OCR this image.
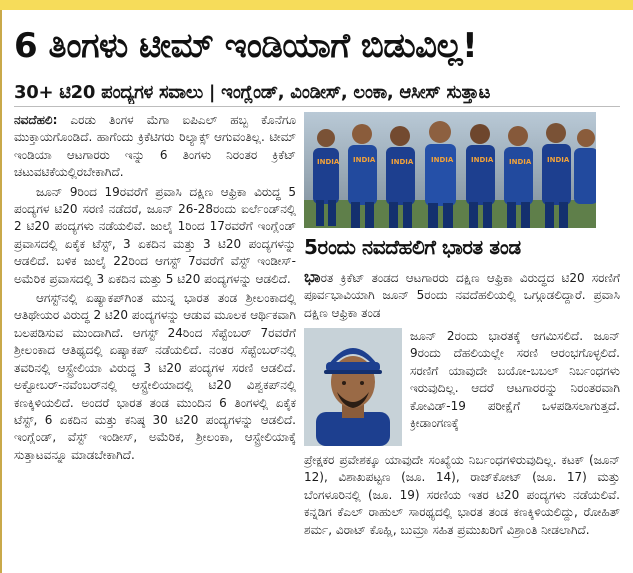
6 ತಿಂಗಳು ಟೀಮ್ ಇಂಡಿಯಾಗೆ ಬಿಡುವಿಲ್ಲ!
30+ ಟಿ20 ಪಂದ್ಯಗಳ ಸವಾಲು | ಇಂಗ್ಲೆಂಡ್, ವಿಂಡೀಸ್, ಲಂಕಾ, ಆಸೀಸ್ ಸುತ್ತಾಟ

ನವದೆಹಲಿ: ಎರಡು ತಿಂಗಳ ಮೆಗಾ ಐಪಿಎಲ್ ಹಬ್ಬ ಕೊನೆಗೂ ಮುಕ್ತಾಯಗೊಂಡಿದೆ. ಹಾಗೆಂದು ಕ್ರಿಕೆಟಿಗರು ರಿಲ್ಯಾಕ್ಸ್ ಆಗುವಂತಿಲ್ಲ. ಟೀಮ್ ಇಂಡಿಯಾ ಆಟಗಾರರು ಇನ್ನು 6 ತಿಂಗಳು ನಿರಂತರ ಕ್ರಿಕೆಟ್ ಚಟುವಟಿಕೆಯಲ್ಲಿರಬೇಕಾಗಿದೆ.

ಜೂನ್ 9ರಿಂದ 19ರವರೆಗೆ ಪ್ರವಾಸಿ ದಕ್ಷಿಣ ಆಫ್ರಿಕಾ ವಿರುದ್ಧ 5 ಪಂದ್ಯಗಳ ಟಿ20 ಸರಣಿ ನಡೆದರೆ, ಜೂನ್ 26-28ರಂದು ಐರ್ಲೆಂಡ್‌ನಲ್ಲಿ 2 ಟಿ20 ಪಂದ್ಯಗಳು ನಡೆಯಲಿವೆ. ಜುಲೈ 1ರಿಂದ 17ರವರೆಗೆ ಇಂಗ್ಲೆಂಡ್ ಪ್ರವಾಸದಲ್ಲಿ ಏಕೈಕ ಟೆಸ್ಟ್, 3 ಏಕದಿನ ಮತ್ತು 3 ಟಿ20 ಪಂದ್ಯಗಳನ್ನು ಆಡಲಿದೆ. ಬಳಿಕ ಜುಲೈ 22ರಿಂದ ಆಗಸ್ಟ್ 7ರವರೆಗೆ ವೆಸ್ಟ್ ಇಂಡೀಸ್-ಅಮೆರಿಕ ಪ್ರವಾಸದಲ್ಲಿ 3 ಏಕದಿನ ಮತ್ತು 5 ಟಿ20 ಪಂದ್ಯಗಳನ್ನು ಆಡಲಿದೆ.

ಆಗಸ್ಟ್‌ನಲ್ಲಿ ಏಷ್ಯಾಕಪ್‌ಗಿಂತ ಮುನ್ನ ಭಾರತ ತಂಡ ಶ್ರೀಲಂಕಾದಲ್ಲಿ ಆತಿಥೇಯರ ವಿರುದ್ಧ 2 ಟಿ20 ಪಂದ್ಯಗಳನ್ನು ಆಡುವ ಮೂಲಕ ಆರ್ಥಿಕವಾಗಿ ಬಲಪಡಿಸುವ ಮುಂದಾಗಿದೆ. ಆಗಸ್ಟ್ 24ರಿಂದ ಸೆಪ್ಟೆಂಬರ್ 7ರವರೆಗೆ ಶ್ರೀಲಂಕಾದ ಆತಿಥ್ಯದಲ್ಲಿ ಏಷ್ಯಾಕಪ್ ನಡೆಯಲಿದೆ. ನಂತರ ಸೆಪ್ಟೆಂಬರ್‌ನಲ್ಲಿ ತವರಿನಲ್ಲಿ ಆಸ್ಟ್ರೇಲಿಯಾ ವಿರುದ್ಧ 3 ಟಿ20 ಪಂದ್ಯಗಳ ಸರಣಿ ಆಡಲಿದೆ. ಅಕ್ಟೋಬರ್-ನವೆಂಬರ್‌ನಲ್ಲಿ ಆಸ್ಟ್ರೇಲಿಯಾದಲ್ಲಿ ಟಿ20 ವಿಶ್ವಕಪ್‌ನಲ್ಲಿ ಕಣಕ್ಕಿಳಿಯಲಿದೆ. ಅಂದರೆ ಭಾರತ ತಂಡ ಮುಂದಿನ 6 ತಿಂಗಳಲ್ಲಿ ಏಕೈಕ ಟೆಸ್ಟ್, 6 ಏಕದಿನ ಮತ್ತು ಕನಿಷ್ಠ 30 ಟಿ20 ಪಂದ್ಯಗಳನ್ನು ಆಡಲಿದೆ. ಇಂಗ್ಲೆಂಡ್, ವೆಸ್ಟ್ ಇಂಡೀಸ್, ಅಮೆರಿಕ, ಶ್ರೀಲಂಕಾ, ಆಸ್ಟ್ರೇಲಿಯಾಕ್ಕೆ ಸುತ್ತಾಟವನ್ನೂ ಮಾಡಬೇಕಾಗಿದೆ.

INDIA INDIA INDIA	INDIA	INDIA INDIA INDIA
5ರಂದು ನವದೆಹಲಿಗೆ ಭಾರತ ತಂಡ

ಭಾರತ ಕ್ರಿಕೆಟ್ ತಂಡದ ಆಟಗಾರರು ದಕ್ಷಿಣ ಆಫ್ರಿಕಾ ವಿರುದ್ಧದ ಟಿ20 ಸರಣಿಗೆ ಪೂರ್ವಭಾವಿಯಾಗಿ ಜೂನ್ 5ರಂದು ನವದೆಹಲಿಯಲ್ಲಿ ಒಗ್ಗೂಡಲಿದ್ದಾರೆ. ಪ್ರವಾಸಿ ದಕ್ಷಿಣ ಆಫ್ರಿಕಾ ತಂಡ

ಜೂನ್ 2ರಂದು ಭಾರತಕ್ಕೆ ಆಗಮಿಸಲಿದೆ. ಜೂನ್ 9ರಂದು ದೆಹಲಿಯಲ್ಲೇ ಸರಣಿ ಆರಂಭಗೊಳ್ಳಲಿದೆ. ಸರಣಿಗೆ ಯಾವುದೇ ಬಯೋ-ಬಬಲ್ ನಿರ್ಬಂಧಗಳು ಇರುವುದಿಲ್ಲ. ಆದರೆ ಆಟಗಾರರನ್ನು ನಿರಂತರವಾಗಿ ಕೋವಿಡ್-19 ಪರೀಕ್ಷೆಗೆ ಒಳಪಡಿಸಲಾಗುತ್ತದೆ. ಕ್ರೀಡಾಂಗಣಕ್ಕೆ

ಪ್ರೇಕ್ಷಕರ ಪ್ರವೇಶಕ್ಕೂ ಯಾವುದೇ ಸಂಖ್ಯೆಯ ನಿರ್ಬಂಧಗಳಿರುವುದಿಲ್ಲ. ಕಟಕ್ (ಜೂನ್ 12), ವಿಶಾಖಪಟ್ಟಣ (ಜೂ. 14), ರಾಜ್‌ಕೋಟ್ (ಜೂ. 17) ಮತ್ತು ಬೆಂಗಳೂರಿನಲ್ಲಿ (ಜೂ. 19) ಸರಣಿಯ ಇತರ ಟಿ20 ಪಂದ್ಯಗಳು ನಡೆಯಲಿವೆ. ಕನ್ನಡಿಗ ಕೆಎಲ್ ರಾಹುಲ್ ಸಾರಥ್ಯದಲ್ಲಿ ಭಾರತ ತಂಡ ಕಣಕ್ಕಿಳಿಯಲಿದ್ದು, ರೋಹಿತ್ ಶರ್ಮ, ವಿರಾಟ್ ಕೊಹ್ಲಿ, ಬುಮ್ರಾ ಸಹಿತ ಪ್ರಮುಖರಿಗೆ ವಿಶ್ರಾಂತಿ ನೀಡಲಾಗಿದೆ.
